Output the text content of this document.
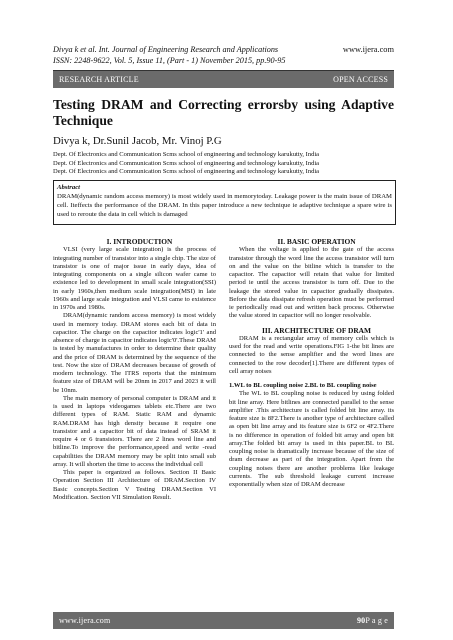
Divya k et al. Int. Journal of Engineering Research and Applications
ISSN: 2248-9622, Vol. 5, Issue 11, (Part - 1) November 2015, pp.90-95
www.ijera.com
RESEARCH ARTICLE	OPEN ACCESS
Testing DRAM and Correcting errorsby using Adaptive Technique
Divya k, Dr.Sunil Jacob, Mr. Vinoj P.G
Dept. Of Electronics and Communication Scms school of engineering and technology karukutty, India
Dept. Of Electronics and Communication Scms school of engineering and technology karukutty, India
Dept. Of Electronics and Communication Scms school of engineering and technology karukutty, India
Abstract
DRAM(dynamic random access memory) is most widely used in memorytoday. Leakage power is the main issue of DRAM cell. Iteffects the performance of the DRAM. In this paper introduce a new technique ie adaptive technique a spare wire is used to reroute the data in cell which is damaged

I. INTRODUCTION

VLSI (very large scale integration) is the process of integrating number of transistor into a single chip. The size of transistor is one of major issue in early days, idea of integrating components on a single silicon wafer came to existence led to development in small scale integration(SSI) in early 1960s,then medium scale integration(MSI) in late 1960s and large scale integration and VLSI came to existence in 1970s and 1980s.

DRAM(dynamic random access memory) is most widely used in memory today. DRAM stores each bit of data in capacitor. The charge on the capacitor indicates logic'1' and absence of charge in capacitor indicates logic'0'.These DRAM is tested by manufactures in order to determine their quality and the price of DRAM is determined by the sequence of the test. Now the size of DRAM decreases because of growth of modern technology. The ITRS reports that the minimum feature size of DRAM will be 20nm in 2017 and 2023 it will be 10nm.

The main memory of personal computer is DRAM and it is used in laptops videogames tablets etc.There are two different types of RAM. Static RAM and dynamic RAM.DRAM has high density because it require one transistor and a capacitor bit of data instead of SRAM it require 4 or 6 transistors. There are 2 lines word line and bitline.To improve the performance,speed and write -read capabilities the DRAM memory may be split into small sub array. It will shorten the time to access the individual cell

This paper is organized as follows. Section II Basic Operation Section III Architecture of DRAM.Section IV Basic concepts.Section V Testing DRAM.Section VI Modification. Section VII Simulation Result.

II. BASIC OPERATION

When the voltage is applied to the gate of the access transistor through the word line the access transistor will turn on and the value on the bitline which is transfer to the capacitor. The capacitor will retain that value for limited period ie until the access transistor is turn off. Due to the leakage the stored value in capacitor gradually dissipates. Before the data dissipate refresh operation must be performed ie periodically read out and written back process. Otherwise the value stored in capacitor will no longer resolvable.

III. ARCHITECTURE OF DRAM

DRAM is a rectangular array of memory cells which is used for the read and write operations.FIG 1-the bit lines are connected to the sense amplifier and the word lines are connected to the row decoder[1].There are different types of cell array noises

1.WL to BL coupling noise 2.BL to BL coupling noise

The WL to BL coupling noise is reduced by using folded bit line array. Here bitlines are connected parallel to the sense amplifier .This architecture is called folded bit line array. its feature size is 8F2.There is another type of architecture called as open bit line array and its feature size is 6F2 or 4F2.There is no difference in operation of folded bit array and open bit array.The folded bit array is used in this paper.BL to BL coupling noise is dramatically increase because of the size of dram decrease as part of the integration. Apart from the coupling noises there are another problems like leakage currents. The sub threshold leakage current increase exponentially when size of DRAM decrease

www.ijera.com	90P a g e
